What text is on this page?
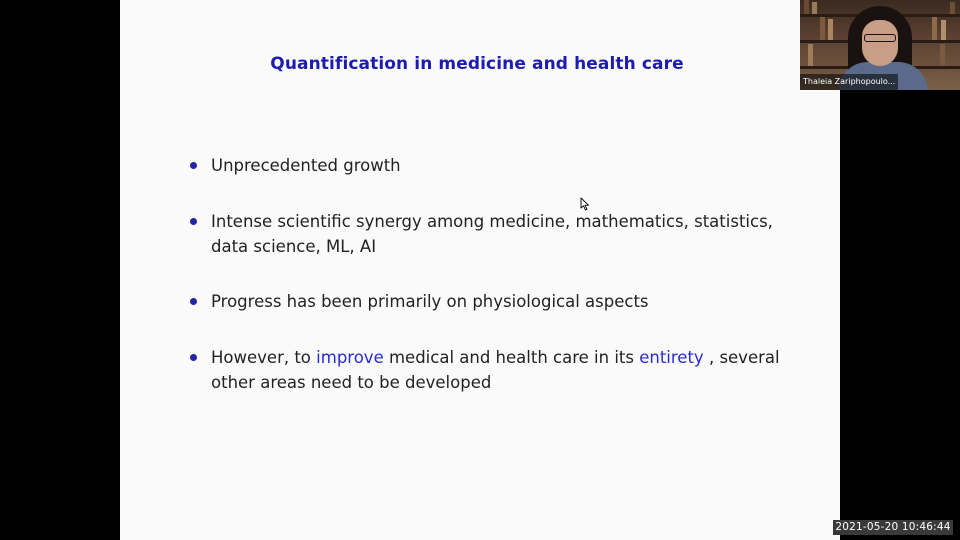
Quantification in medicine and health care
Unprecedented growth
Intense scientific synergy among medicine, mathematics, statistics, data science, ML, AI
Progress has been primarily on physiological aspects
However, to improve medical and health care in its entirety , several other areas need to be developed
Thaleia Zariphopoulo...
2021-05-20 10:46:44
